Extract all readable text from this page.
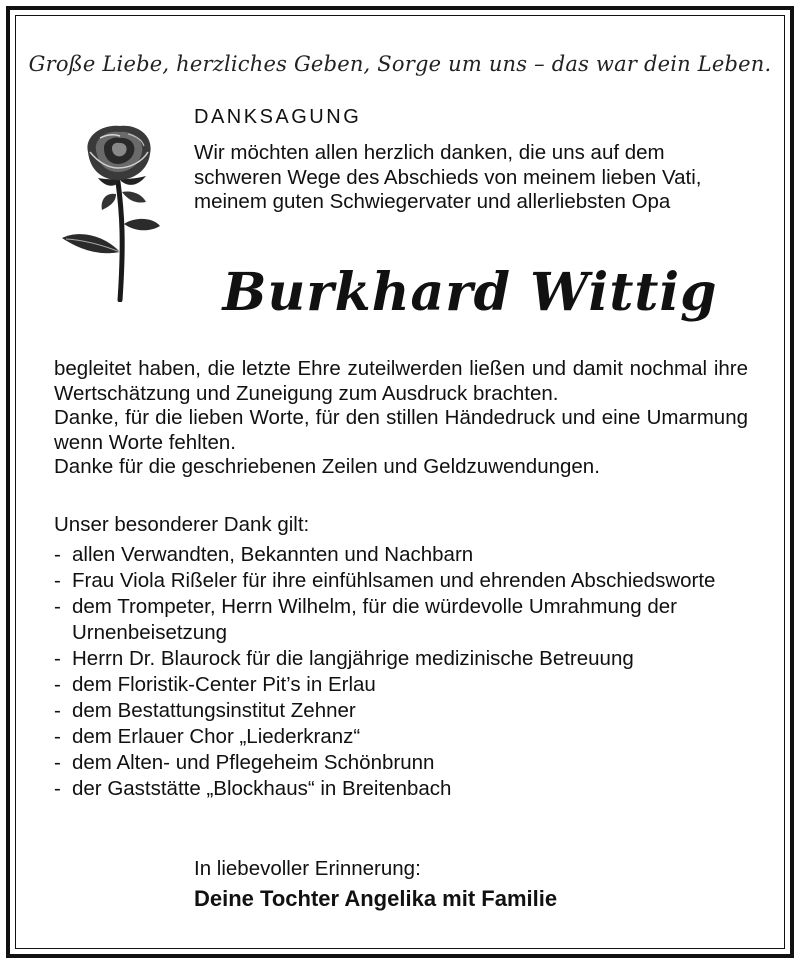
Große Liebe, herzliches Geben, Sorge um uns – das war dein Leben.
DANKSAGUNG
Wir möchten allen herzlich danken, die uns auf dem schweren Wege des Abschieds von meinem lieben Vati, meinem guten Schwiegervater und allerliebsten Opa
Burkhard Wittig

begleitet haben, die letzte Ehre zuteilwerden ließen und damit nochmal ihre Wertschätzung und Zuneigung zum Ausdruck brachten.

Danke, für die lieben Worte, für den stillen Händedruck und eine Umarmung wenn Worte fehlten.

Danke für die geschriebenen Zeilen und Geldzuwendungen.

Unser besonderer Dank gilt:
- allen Verwandten, Bekannten und Nachbarn
- Frau Viola Rißeler für ihre einfühlsamen und ehrenden Abschiedsworte
- dem Trompeter, Herrn Wilhelm, für die würdevolle Umrahmung der Urnenbeisetzung
- Herrn Dr. Blaurock für die langjährige medizinische Betreuung
- dem Floristik-Center Pit’s in Erlau
- dem Bestattungsinstitut Zehner
- dem Erlauer Chor „Liederkranz“
- dem Alten- und Pflegeheim Schönbrunn
- der Gaststätte „Blockhaus“ in Breitenbach
In liebevoller Erinnerung:
Deine Tochter Angelika mit Familie
